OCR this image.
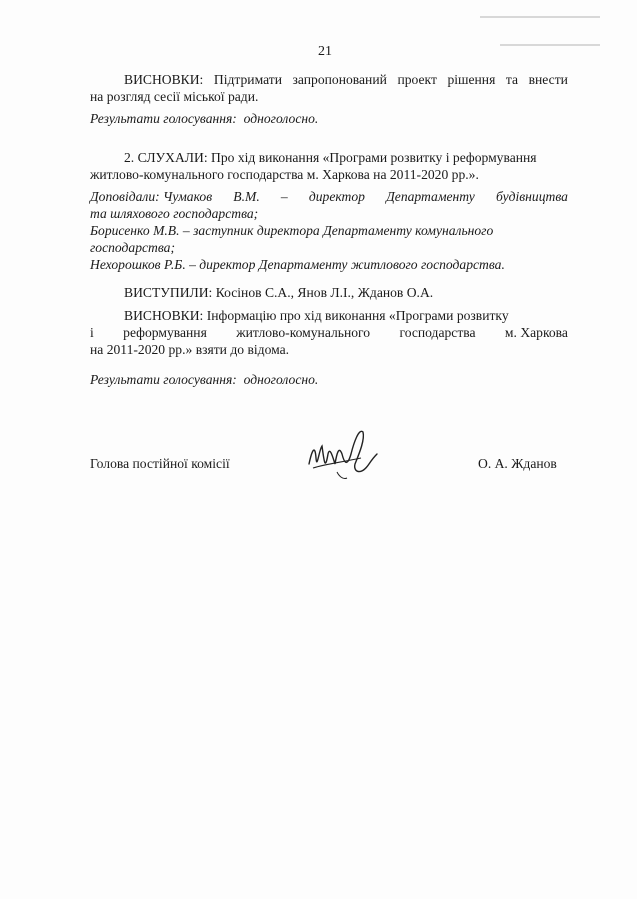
21
ВИСНОВКИ: Підтримати запропонований проект рішення та внести
на розгляд сесії міської ради.
Результати голосування: одноголосно.
2. СЛУХАЛИ: Про хід виконання «Програми розвитку і реформування
житлово-комунального господарства м. Харкова на 2011-2020 рр.».
Доповідали: Чумаков В.М. – директор Департаменту будівництва
та шляхового господарства;
Борисенко М.В. – заступник директора Департаменту комунального
господарства;
Нехорошков Р.Б. – директор Департаменту житлового господарства.
ВИСТУПИЛИ: Косінов С.А., Янов Л.І., Жданов О.А.
ВИСНОВКИ: Інформацію про хід виконання «Програми розвитку
і реформування житлово-комунального господарства м. Харкова
на 2011-2020 рр.» взяти до відома.
Результати голосування: одноголосно.
Голова постійної комісії	О. А. Жданов
